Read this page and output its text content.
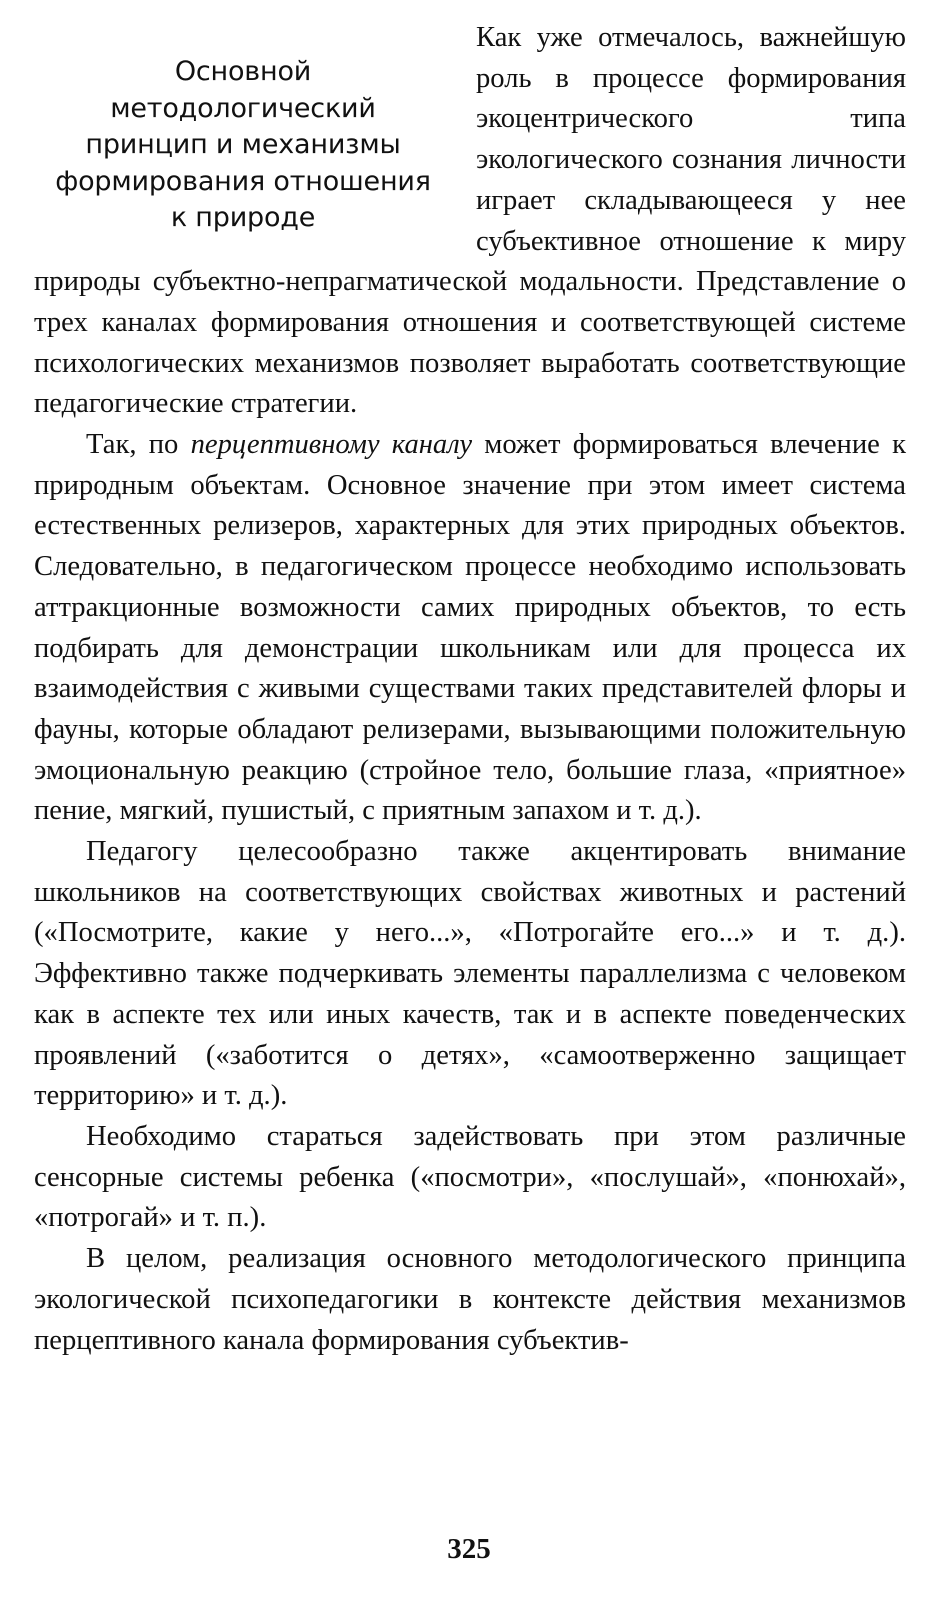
Основной
методологический
принцип и механизмы
формирования отношения
к природе

Как уже отмечалось, важнейшую роль в процессе формирования экоцентрического типа экологического сознания личности играет складывающееся у нее субъективное отношение к миру природы субъектно-непрагматической модальности. Представление о трех каналах формирования отношения и соответствующей системе психологических механизмов позволяет выработать соответствующие педагогические стратегии.

Так, по перцептивному каналу может формироваться влечение к природным объектам. Основное значение при этом имеет система естественных релизеров, характерных для этих природных объектов. Следовательно, в педагогическом процессе необходимо использовать аттракционные возможности самих природных объектов, то есть подбирать для демонстрации школьникам или для процесса их взаимодействия с живыми существами таких представителей флоры и фауны, которые обладают релизерами, вызывающими положительную эмоциональную реакцию (стройное тело, большие глаза, «приятное» пение, мягкий, пушистый, с приятным запахом и т. д.).

Педагогу целесообразно также акцентировать внимание школьников на соответствующих свойствах животных и растений («Посмотрите, какие у него...», «Потрогайте его...» и т. д.). Эффективно также подчеркивать элементы параллелизма с человеком как в аспекте тех или иных качеств, так и в аспекте поведенческих проявлений («заботится о детях», «самоотверженно защищает территорию» и т. д.).

Необходимо стараться задействовать при этом различные сенсорные системы ребенка («посмотри», «послушай», «понюхай», «потрогай» и т. п.).

В целом, реализация основного методологического принципа экологической психопедагогики в контексте действия механизмов перцептивного канала формирования субъектив-

325
